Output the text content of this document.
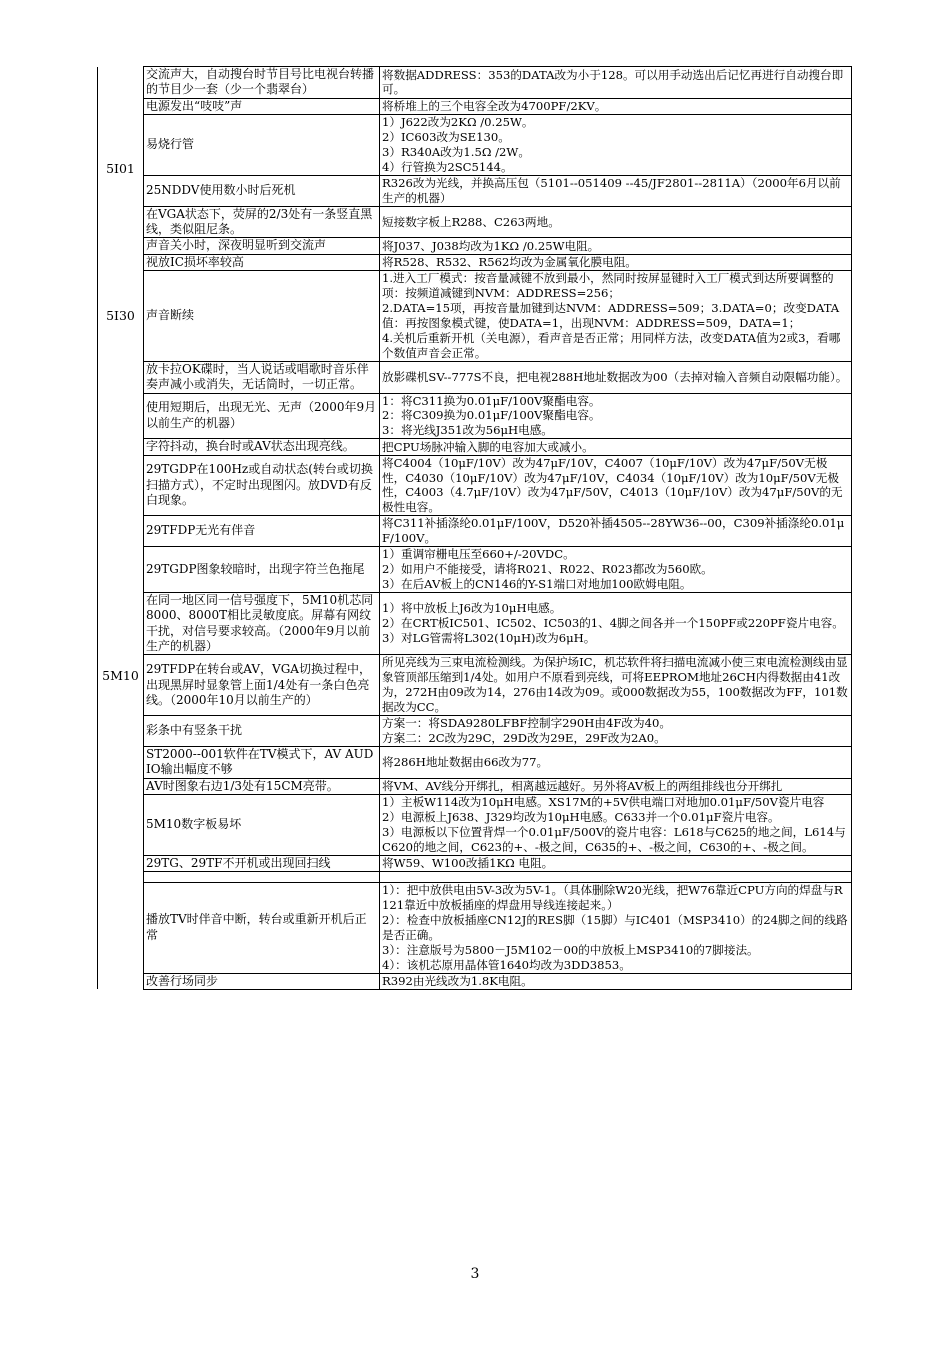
5I01	交流声大，自动搜台时节目号比电视台转播的节目少一套（少一个翡翠台）	将数据ADDRESS：353的DATA改为小于128。可以用手动选出后记忆再进行自动搜台即可。

	电源发出“吱吱”声	将桥堆上的三个电容全改为4700PF/2KV。

	易烧行管	1）J622改为2KΩ /0.25W。
2）IC603改为SE130。
3）R340A改为1.5Ω /2W。
4）行管换为2SC5144。

	25NDDV使用数小时后死机	R326改为光线，并换高压包（5101--051409 --45/JF2801--2811A）（2000年6月以前生产的机器）

	在VGA状态下，荧屏的2/3处有一条竖直黑线，类似阻尼条。	短接数字板上R288、C263两地。

	声音关小时，深夜明显听到交流声	将J037、J038均改为1KΩ /0.25W电阻。

	视放IC损坏率较高	将R528、R532、R562均改为金属氧化膜电阻。

5I30	声音断续	1.进入工厂模式：按音量减键不放到最小，然同时按屏显键时入工厂模式到达所要调整的项：按频道减键到NVM：ADDRESS=256；
2.DATA=15项，再按音量加键到达NVM：ADDRESS=509；3.DATA=0；改变DATA值：再按图象模式键，使DATA=1，出现NVM：ADDRESS=509，DATA=1；
4.关机后重新开机（关电源），看声音是否正常；用同样方法，改变DATA值为2或3，看哪个数值声音会正常。

5M10	放卡拉OK碟时，当人说话或唱歌时音乐伴奏声减小或消失，无话筒时，一切正常。	放影碟机SV--777S不良，把电视288H地址数据改为00（去掉对输入音频自动限幅功能）。

	使用短期后，出现无光、无声（2000年9月以前生产的机器）	1：将C311换为0.01μF/100V聚酯电容。
2：将C309换为0.01μF/100V聚酯电容。
3：将光线J351改为56μH电感。

	字符抖动，换台时或AV状态出现亮线。	把CPU场脉冲输入脚的电容加大或减小。

	29TGDP在100Hz或自动状态(转台或切换扫描方式），不定时出现图闪。放DVD有反白现象。	将C4004（10μF/10V）改为47μF/10V，C4007（10μF/10V）改为47μF/50V无极性，C4030（10μF/10V）改为47μF/10V，C4034（10μF/10V）改为10μF/50V无极性，C4003（4.7μF/10V）改为47μF/50V，C4013（10μF/10V）改为47μF/50V的无极性电容。

	29TFDP无光有伴音	将C311补插涤纶0.01μF/100V，D520补插4505--28YW36--00，C309补插涤纶0.01μF/100V。

	29TGDP图象较暗时，出现字符兰色拖尾	1）重调帘栅电压至660+/-20VDC。
2）如用户不能接受，请将R021、R022、R023都改为560欧。
3）在后AV板上的CN146的Y-S1端口对地加100欧姆电阻。

	在同一地区同一信号强度下，5M10机芯同8000、8000T相比灵敏度底。屏幕有网纹干扰，对信号要求较高。（2000年9月以前生产的机器）	1）将中放板上J6改为10μH电感。
2）在CRT板IC501、IC502、IC503的1、4脚之间各并一个150PF或220PF瓷片电容。
3）对LG管需将L302(10μH)改为6μH。

	29TFDP在转台或AV，VGA切换过程中，出现黑屏时显象管上面1/4处有一条白色亮线。（2000年10月以前生产的）	所见亮线为三束电流检测线。为保护场IC，机芯软件将扫描电流减小使三束电流检测线由显象管顶部压缩到1/4处。如用户不原看到亮线，可将EEPROM地址26CH内得数据由41改为，272H由09改为14，276由14改为09。或000数据改为55，100数据改为FF，101数据改为CC。

	彩条中有竖条干扰	方案一：将SDA9280LFBF控制字290H由4F改为40。
方案二：2C改为29C，29D改为29E，29F改为2A0。

	ST2000--001软件在TV模式下，AV AUDIO输出幅度不够	将286H地址数据由66改为77。

	AV时图象右边1/3处有15CM亮带。	将VM、AV线分开绑扎，相离越远越好。另外将AV板上的两组排线也分开绑扎

	5M10数字板易坏	1）主板W114改为10μH电感。XS17M的+5V供电端口对地加0.01μF/50V瓷片电容
2）电源板上J638、J329均改为10μH电感。C633并一个0.01μF瓷片电容。
3）电源板以下位置背焊一个0.01μF/500V的瓷片电容：L618与C625的地之间，L614与C620的地之间，C623的+、-极之间，C635的+、-极之间，C630的+、-极之间。

	29TG、29TF不开机或出现回扫线	将W59、W100改插1KΩ 电阻。

	播放TV时伴音中断，转台或重新开机后正常	1）：把中放供电由5V-3改为5V-1。（具体删除W20光线，把W76靠近CPU方向的焊盘与R121靠近中放板插座的焊盘用导线连接起来。）
2）：检查中放板插座CN12J的RES脚（15脚）与IC401（MSP3410）的24脚之间的线路是否正确。
3）：注意版号为5800－J5M102－00的中放板上MSP3410的7脚接法。
4）：该机芯原用晶体管1640均改为3DD3853。

	改善行场同步	R392由光线改为1.8K电阻。
3
